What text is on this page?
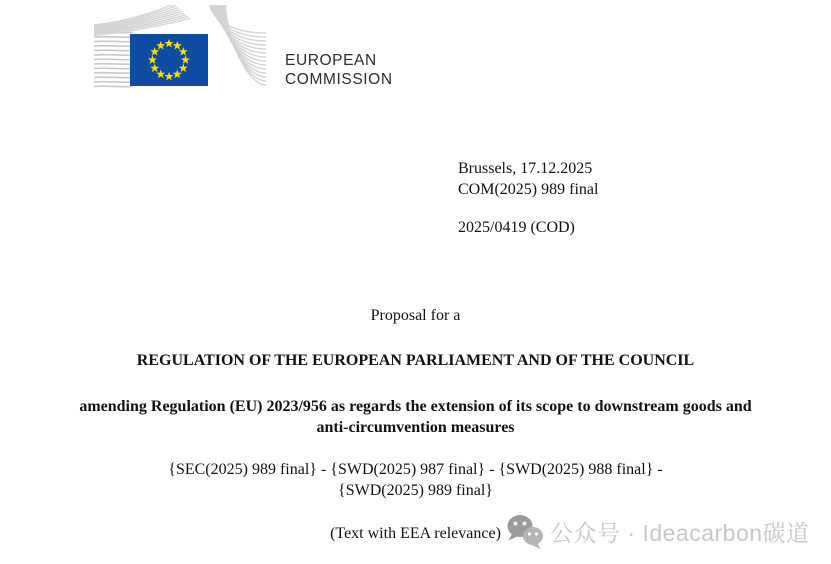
EUROPEAN
COMMISSION
Brussels, 17.12.2025
COM(2025) 989 final
2025/0419 (COD)
Proposal for a
REGULATION OF THE EUROPEAN PARLIAMENT AND OF THE COUNCIL
amending Regulation (EU) 2023/956 as regards the extension of its scope to downstream goods and anti-circumvention measures
{SEC(2025) 989 final} - {SWD(2025) 987 final} - {SWD(2025) 988 final} - {SWD(2025) 989 final}
(Text with EEA relevance)	公众号 · Ideacarbon碳道
